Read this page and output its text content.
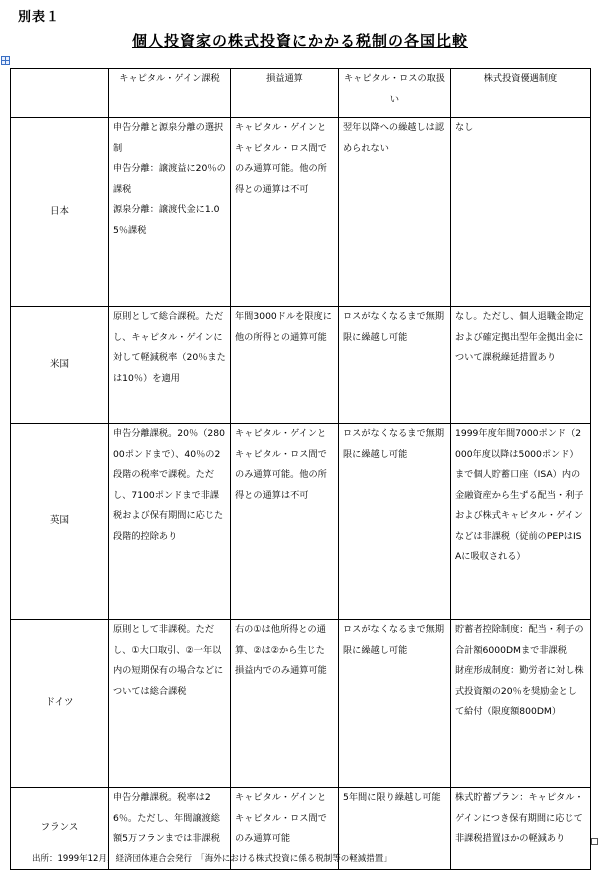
別表１
個人投資家の株式投資にかかる税制の各国比較
	キャピタル・ゲイン課税	損益通算	キャピタル・ロスの取扱い	株式投資優遇制度
日本	申告分離と源泉分離の選択制
申告分離：譲渡益に20％の課税
源泉分離：譲渡代金に1.05％課税	キャピタル・ゲインとキャピタル・ロス間でのみ通算可能。他の所得との通算は不可	翌年以降への繰越しは認められない	なし

米国	原則として総合課税。ただし、キャピタル・ゲインに対して軽減税率（20％または10％）を適用	年間3000ドルを限度に他の所得との通算可能	ロスがなくなるまで無期限に繰越し可能	なし。ただし、個人退職金勘定および確定拠出型年金拠出金について課税繰延措置あり

英国	申告分離課税。20％（28000ポンドまで）、40％の2段階の税率で課税。ただし、7100ポンドまで非課税および保有期間に応じた段階的控除あり	キャピタル・ゲインとキャピタル・ロス間でのみ通算可能。他の所得との通算は不可	ロスがなくなるまで無期限に繰越し可能	1999年度年間7000ポンド（2000年度以降は5000ポンド）まで個人貯蓄口座（ISA）内の金融資産から生ずる配当・利子および株式キャピタル・ゲインなどは非課税（従前のPEPはISAに吸収される）

ドイツ	原則として非課税。ただし、①大口取引、②一年以内の短期保有の場合などについては総合課税	右の①は他所得との通算、②は②から生じた損益内でのみ通算可能	ロスがなくなるまで無期限に繰越し可能	貯蓄者控除制度：配当・利子の合計額6000DMまで非課税
財産形成制度：勤労者に対し株式投資額の20％を奨励金として給付（限度額800DM）

フランス	申告分離課税。税率は26％。ただし、年間譲渡総額5万フランまでは非課税	キャピタル・ゲインとキャピタル・ロス間でのみ通算可能	5年間に限り繰越し可能	株式貯蓄プラン：キャピタル・ゲインにつき保有期間に応じて非課税措置ほかの軽減あり
出所：1999年12月，経済団体連合会発行　「海外における株式投資に係る税制等の軽減措置」
